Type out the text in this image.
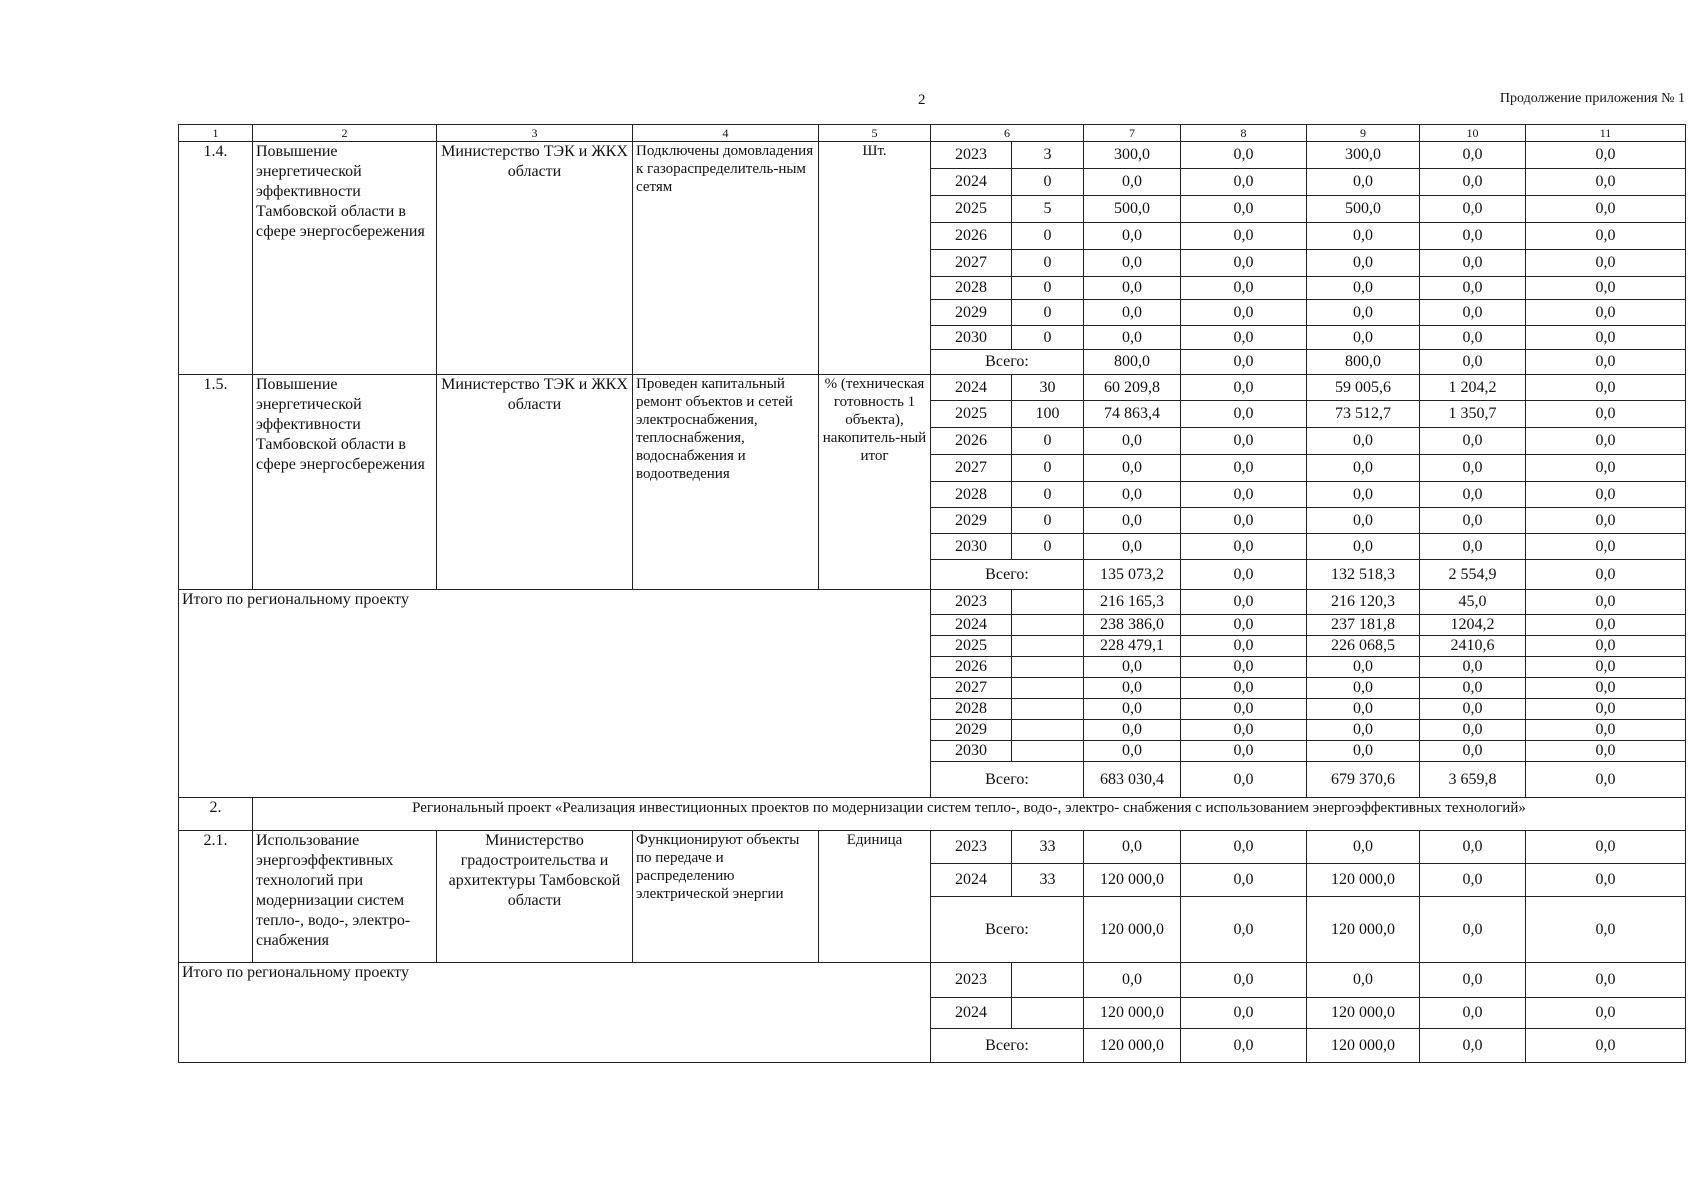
2	Продолжение приложения № 1
1	2	3	4	5	6		7	8	9	10	11
1.4.	Повышение энергетической эффективности Тамбовской области в сфере энергосбережения	Министерство ТЭК и ЖКХ области	Подключены домовладения к газораспределитель-ным сетям	Шт.	2023	3	300,0	0,0	300,0	0,0	0,0
					2024	0	0,0	0,0	0,0	0,0	0,0
					2025	5	500,0	0,0	500,0	0,0	0,0
					2026	0	0,0	0,0	0,0	0,0	0,0
					2027	0	0,0	0,0	0,0	0,0	0,0
					2028	0	0,0	0,0	0,0	0,0	0,0
					2029	0	0,0	0,0	0,0	0,0	0,0
					2030	0	0,0	0,0	0,0	0,0	0,0
					Всего:		800,0	0,0	800,0	0,0	0,0
1.5.	Повышение энергетической эффективности Тамбовской области в сфере энергосбережения	Министерство ТЭК и ЖКХ области	Проведен капитальный ремонт объектов и сетей электроснабжения, теплоснабжения, водоснабжения и водоотведения	% (техническая готовность 1 объекта), накопитель-ный итог	2024	30	60 209,8	0,0	59 005,6	1 204,2	0,0
					2025	100	74 863,4	0,0	73 512,7	1 350,7	0,0
					2026	0	0,0	0,0	0,0	0,0	0,0
					2027	0	0,0	0,0	0,0	0,0	0,0
					2028	0	0,0	0,0	0,0	0,0	0,0
					2029	0	0,0	0,0	0,0	0,0	0,0
					2030	0	0,0	0,0	0,0	0,0	0,0
					Всего:		135 073,2	0,0	132 518,3	2 554,9	0,0
Итого по региональному проекту					2023		216 165,3	0,0	216 120,3	45,0	0,0
					2024		238 386,0	0,0	237 181,8	1204,2	0,0
					2025		228 479,1	0,0	226 068,5	2410,6	0,0
					2026		0,0	0,0	0,0	0,0	0,0
					2027		0,0	0,0	0,0	0,0	0,0
					2028		0,0	0,0	0,0	0,0	0,0
					2029		0,0	0,0	0,0	0,0	0,0
					2030		0,0	0,0	0,0	0,0	0,0
					Всего:		683 030,4	0,0	679 370,6	3 659,8	0,0
2.	Региональный проект «Реализация инвестиционных проектов по модернизации систем тепло-, водо-, электро- снабжения с использованием энергоэффективных технологий»										
2.1.	Использование энергоэффективных технологий при модернизации систем тепло-, водо-, электро-снабжения	Министерство градостроительства и архитектуры Тамбовской области	Функционируют объекты по передаче и распределению электрической энергии	Единица	2023	33	0,0	0,0	0,0	0,0	0,0
					2024	33	120 000,0	0,0	120 000,0	0,0	0,0
					Всего:		120 000,0	0,0	120 000,0	0,0	0,0
Итого по региональному проекту					2023		0,0	0,0	0,0	0,0	0,0
					2024		120 000,0	0,0	120 000,0	0,0	0,0
					Всего:		120 000,0	0,0	120 000,0	0,0	0,0
